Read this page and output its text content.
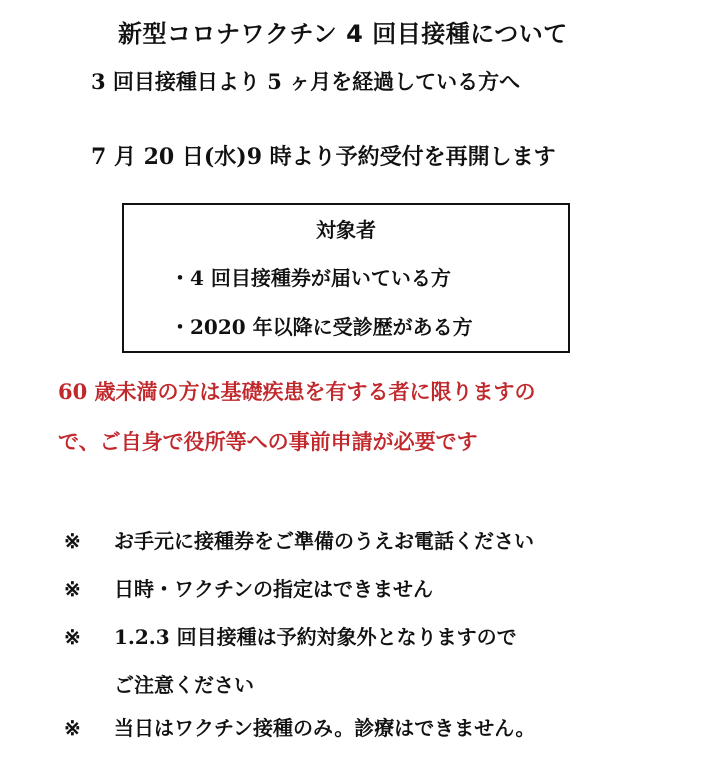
新型コロナワクチン 4 回目接種について
3 回目接種日より 5 ヶ月を経過している方へ
7 月 20 日(水)9 時より予約受付を再開します
対象者
・4 回目接種券が届いている方
・2020 年以降に受診歴がある方
60 歳未満の方は基礎疾患を有する者に限りますの
で、ご自身で役所等への事前申請が必要です
※ お手元に接種券をご準備のうえお電話ください
※ 日時・ワクチンの指定はできません
※ 1.2.3 回目接種は予約対象外となりますので
ご注意ください
※ 当日はワクチン接種のみ。診療はできません。
